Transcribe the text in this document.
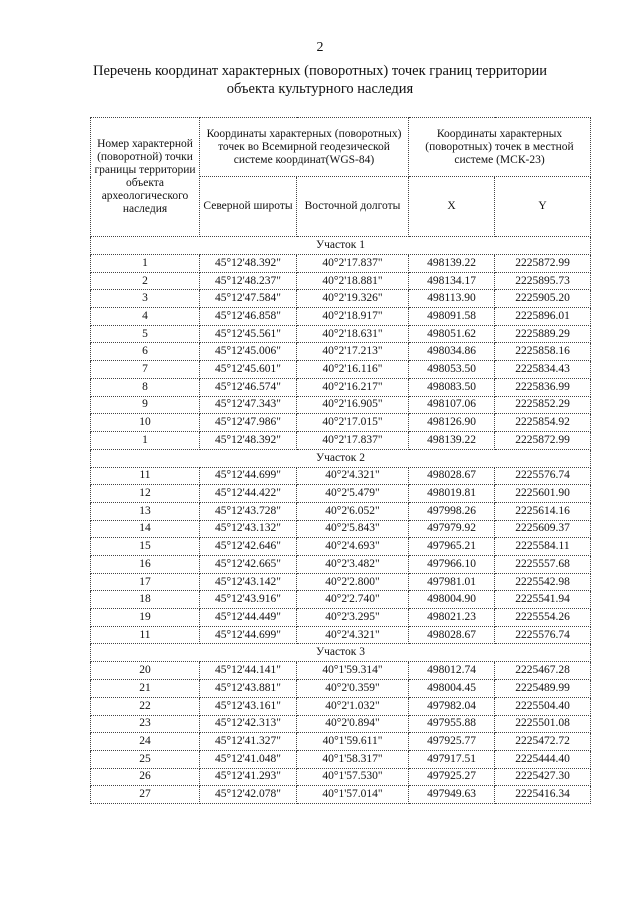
2
Перечень координат характерных (поворотных) точек границ территории
объекта культурного наследия
Номер характерной (поворотной) точки границы территории объекта археологического наследия	Координаты характерных (поворотных) точек во Всемирной геодезической системе координат(WGS-84)		Координаты характерных (поворотных) точек в местной системе (МСК-23)	
	Северной широты	Восточной долготы	X	Y
Участок 1				
1	45°12'48.392"	40°2'17.837"	498139.22	2225872.99
2	45°12'48.237"	40°2'18.881"	498134.17	2225895.73
3	45°12'47.584"	40°2'19.326"	498113.90	2225905.20
4	45°12'46.858"	40°2'18.917"	498091.58	2225896.01
5	45°12'45.561"	40°2'18.631"	498051.62	2225889.29
6	45°12'45.006"	40°2'17.213"	498034.86	2225858.16
7	45°12'45.601"	40°2'16.116"	498053.50	2225834.43
8	45°12'46.574"	40°2'16.217"	498083.50	2225836.99
9	45°12'47.343"	40°2'16.905"	498107.06	2225852.29
10	45°12'47.986"	40°2'17.015"	498126.90	2225854.92
1	45°12'48.392"	40°2'17.837"	498139.22	2225872.99
Участок 2				
11	45°12'44.699"	40°2'4.321"	498028.67	2225576.74
12	45°12'44.422"	40°2'5.479"	498019.81	2225601.90
13	45°12'43.728"	40°2'6.052"	497998.26	2225614.16
14	45°12'43.132"	40°2'5.843"	497979.92	2225609.37
15	45°12'42.646"	40°2'4.693"	497965.21	2225584.11
16	45°12'42.665"	40°2'3.482"	497966.10	2225557.68
17	45°12'43.142"	40°2'2.800"	497981.01	2225542.98
18	45°12'43.916"	40°2'2.740"	498004.90	2225541.94
19	45°12'44.449"	40°2'3.295"	498021.23	2225554.26
11	45°12'44.699"	40°2'4.321"	498028.67	2225576.74
Участок 3				
20	45°12'44.141"	40°1'59.314"	498012.74	2225467.28
21	45°12'43.881"	40°2'0.359"	498004.45	2225489.99
22	45°12'43.161"	40°2'1.032"	497982.04	2225504.40
23	45°12'42.313"	40°2'0.894"	497955.88	2225501.08
24	45°12'41.327"	40°1'59.611"	497925.77	2225472.72
25	45°12'41.048"	40°1'58.317"	497917.51	2225444.40
26	45°12'41.293"	40°1'57.530"	497925.27	2225427.30
27	45°12'42.078"	40°1'57.014"	497949.63	2225416.34
